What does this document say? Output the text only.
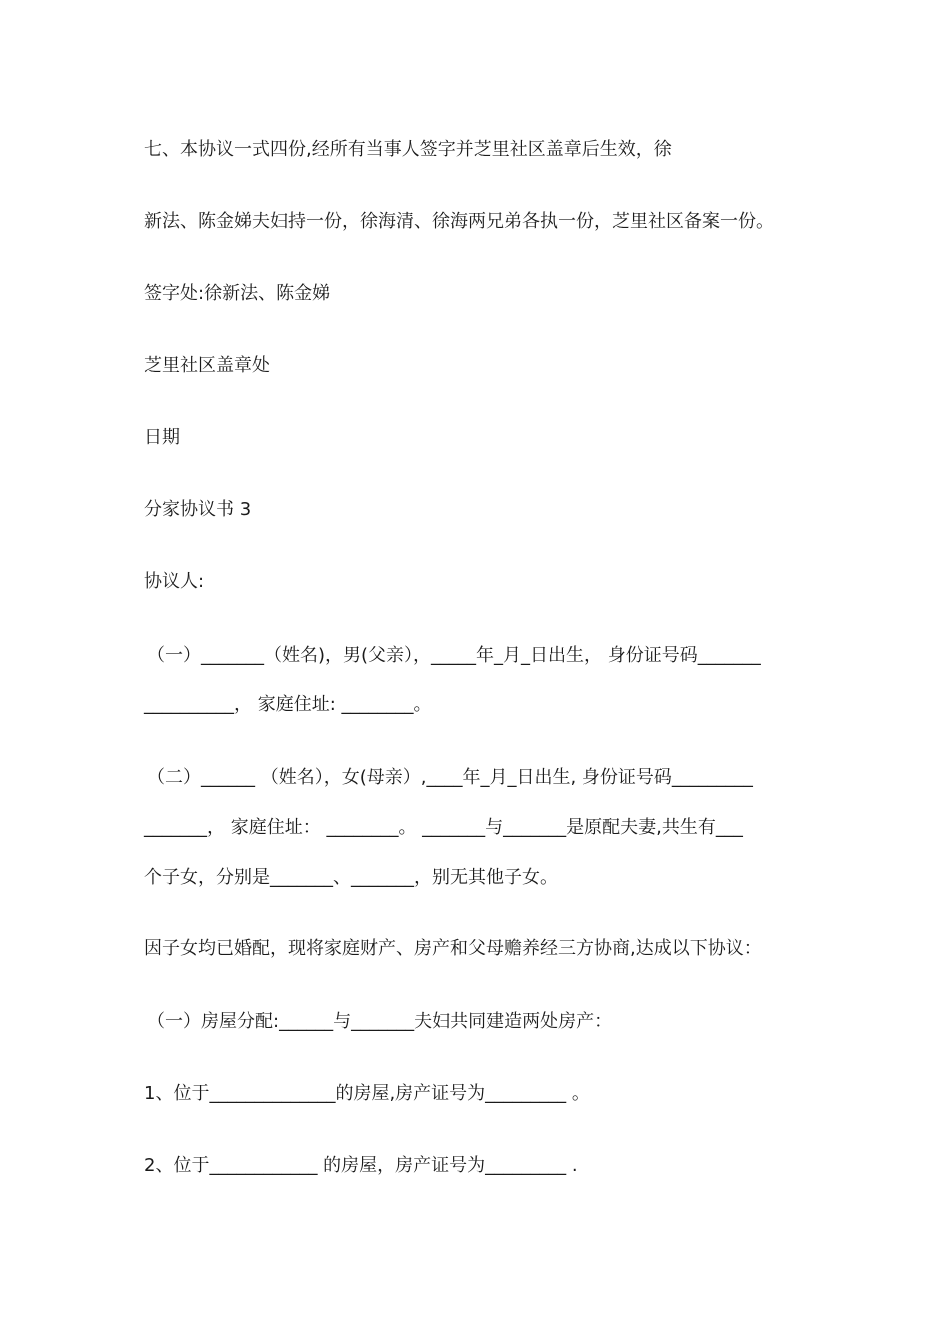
七、本协议一式四份,经所有当事人签字并芝里社区盖章后生效，徐
新法、陈金娣夫妇持一份，徐海清、徐海两兄弟各执一份，芝里社区备案一份。
签字处:徐新法、陈金娣
芝里社区盖章处
日期
分家协议书 3
协议人:
（一）_______（姓名)，男(父亲），_____年_月_日出生， 身份证号码_______
__________， 家庭住址: ________。
（二）______ （姓名），女(母亲）,____年_月_日出生, 身份证号码_________
_______， 家庭住址： ________。 _______与_______是原配夫妻,共生有___
个子女，分别是_______、_______，别无其他子女。
因子女均已婚配，现将家庭财产、房产和父母赡养经三方协商,达成以下协议：
（一）房屋分配:______与_______夫妇共同建造两处房产：
1、位于______________的房屋,房产证号为_________ 。
2、位于____________ 的房屋，房产证号为_________ .
